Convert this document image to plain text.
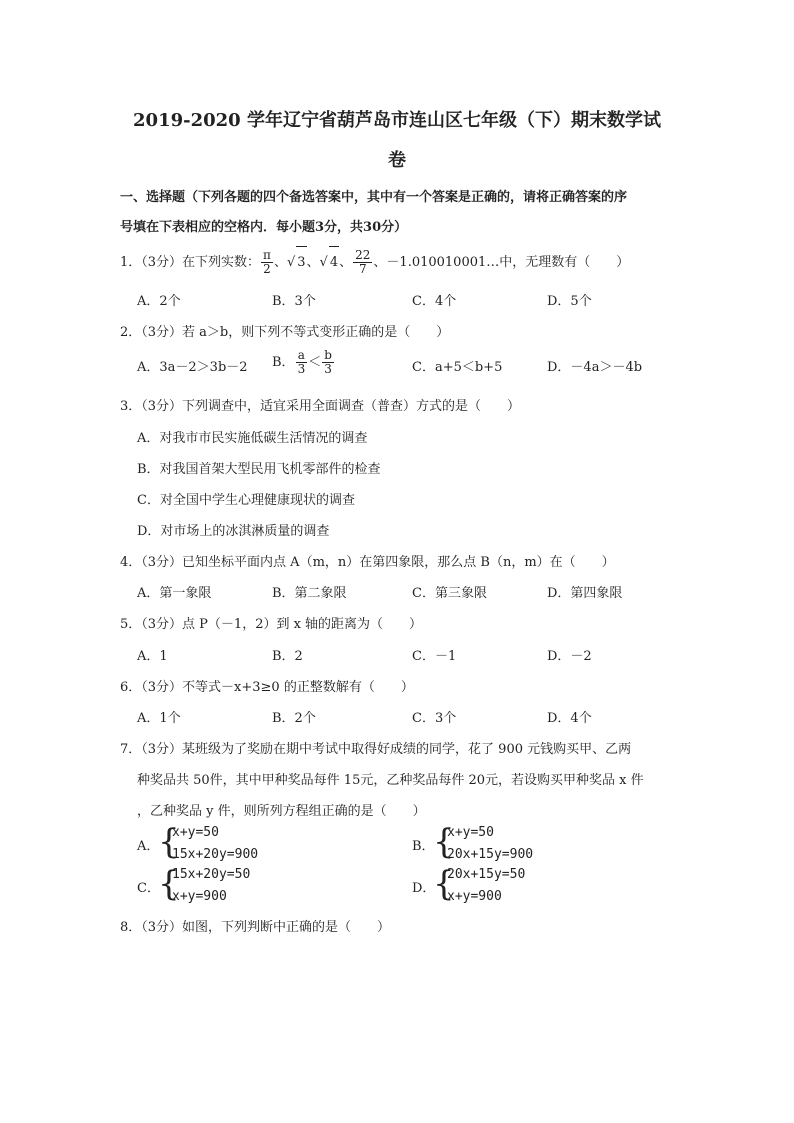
2019-2020 学年辽宁省葫芦岛市连山区七年级（下）期末数学试
卷
一、选择题（下列各题的四个备选答案中，其中有一个答案是正确的，请将正确答案的序
号填在下表相应的空格内．每小题3分，共30分）
1．（3分）在下列实数： $\frac{\pi}{2}$ 、√ 3、√ 4、 $\frac{22}{7}$ 、－1.010010001…中，无理数有（　　）
A．2个	B．3个	C．4个	D．5个
2．（3分）若 a＞b，则下列不等式变形正确的是（　　）
A．3a－2＞3b－2 B． $\frac{a}{3} < \frac{b}{3}$	C．a+5＜b+5	D．－4a＞－4b
3．（3分）下列调查中，适宜采用全面调查（普查）方式的是（　　）
A．对我市市民实施低碳生活情况的调查
B．对我国首架大型民用飞机零部件的检查
C．对全国中学生心理健康现状的调查
D．对市场上的冰淇淋质量的调查
4．（3分）已知坐标平面内点 A（m，n）在第四象限，那么点 B（n，m）在（　　）
A．第一象限	B．第二象限	C．第三象限	D．第四象限
5．（3分）点 P（－1，2）到 x 轴的距离为（　　）
A．1	B．2	C．－1	D．－2
6．（3分）不等式－x+3≥0 的正整数解有（　　）
A．1个	B．2个	C．3个	D．4个
7．（3分）某班级为了奖励在期中考试中取得好成绩的同学，花了 900 元钱购买甲、乙两
种奖品共 50件，其中甲种奖品每件 15元，乙种奖品每件 20元，若设购买甲种奖品 x 件
，乙种奖品 y 件，则所列方程组正确的是（　　）
A．
{
x+y=50
15x+20y=900
B．
{
x+y=50
20x+15y=900
C．
{
15x+20y=50
x+y=900
D．
{
20x+15y=50
x+y=900
8．（3分）如图，下列判断中正确的是（　　）
